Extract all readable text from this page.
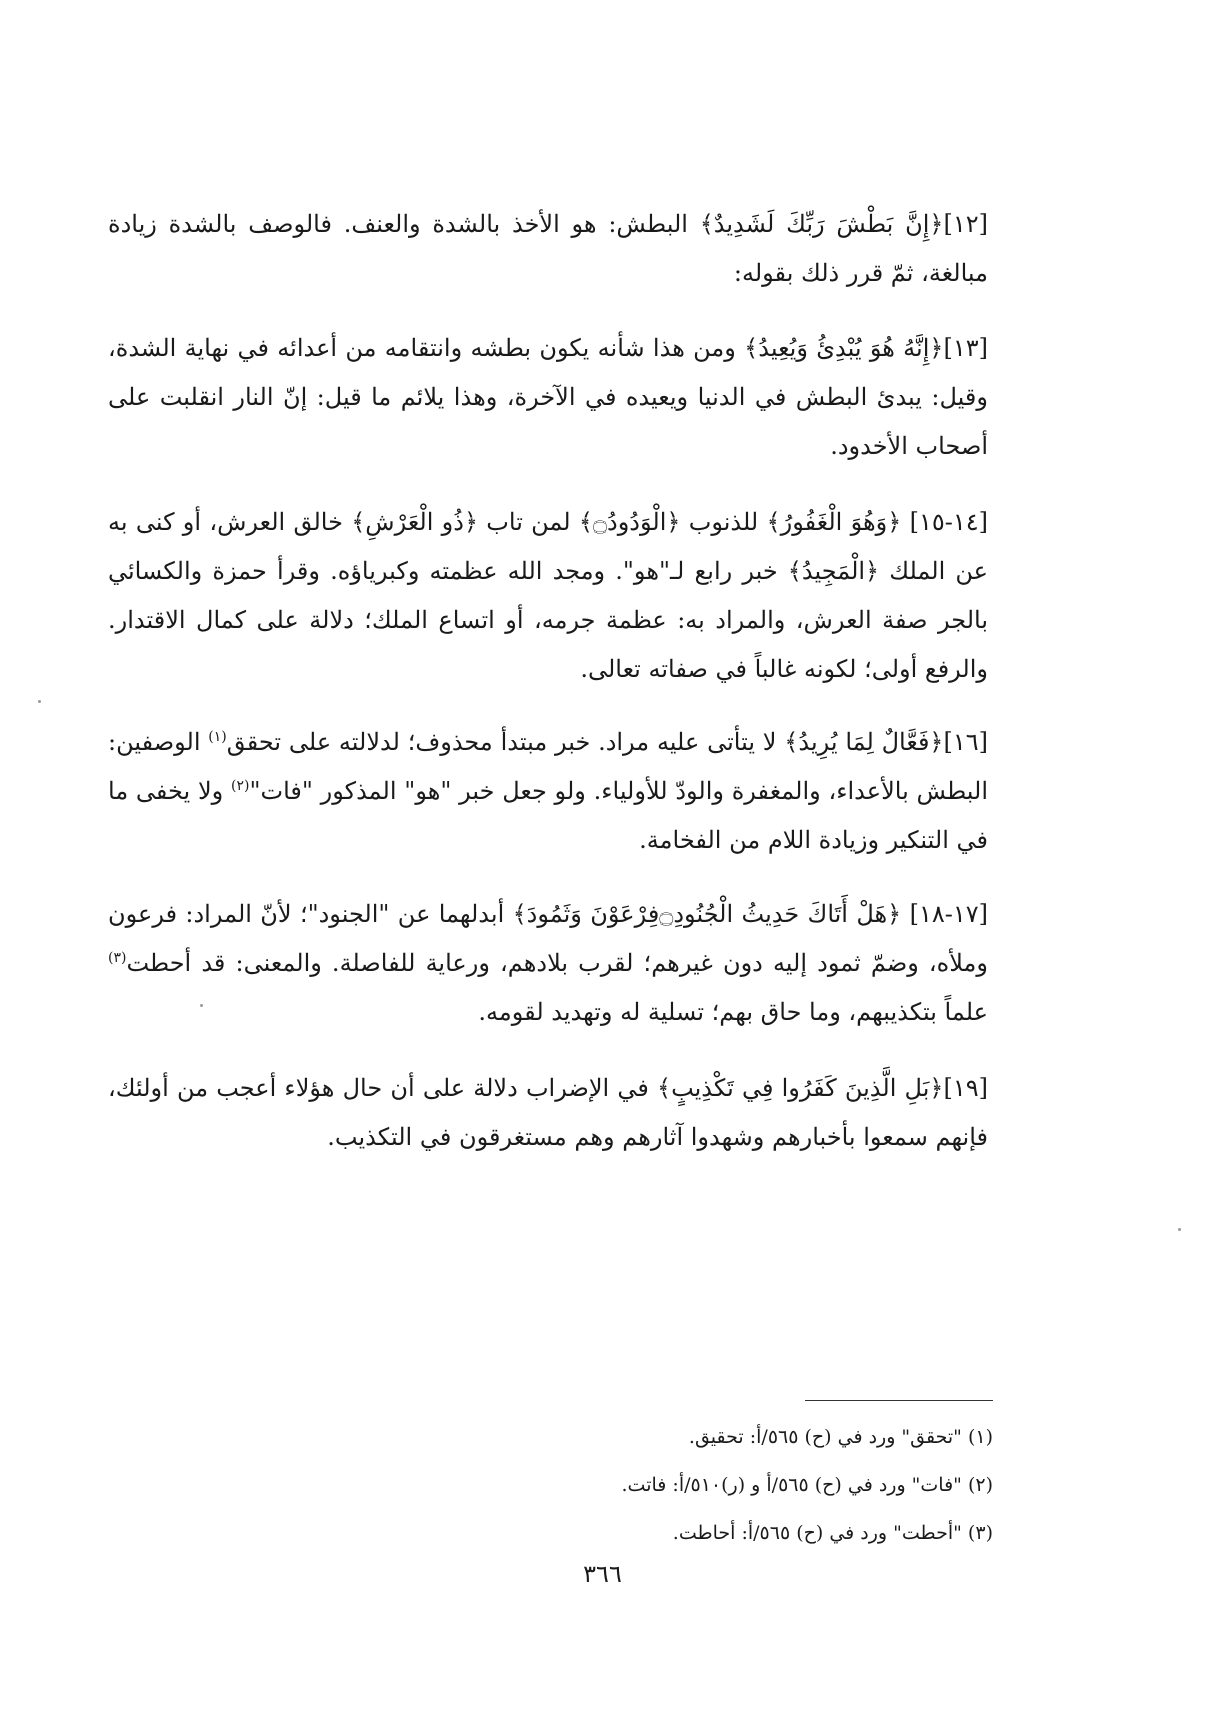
[١٢]﴿إِنَّ بَطْشَ رَبِّكَ لَشَدِيدٌ﴾ البطش: هو الأخذ بالشدة والعنف. فالوصف بالشدة زيادة مبالغة، ثمّ قرر ذلك بقوله:
[١٣]﴿إِنَّهُ هُوَ يُبْدِئُ وَيُعِيدُ﴾ ومن هذا شأنه يكون بطشه وانتقامه من أعدائه في نهاية الشدة، وقيل: يبدئ البطش في الدنيا ويعيده في الآخرة، وهذا يلائم ما قيل: إنّ النار انقلبت على أصحاب الأخدود.
[١٤-١٥] ﴿وَهُوَ الْغَفُورُ﴾ للذنوب ﴿الْوَدُودُ۝﴾ لمن تاب ﴿ذُو الْعَرْشِ﴾ خالق العرش، أو كنى به عن الملك ﴿الْمَجِيدُ﴾ خبر رابع لـ"هو". ومجد الله عظمته وكبرياؤه. وقرأ حمزة والكسائي بالجر صفة العرش، والمراد به: عظمة جرمه، أو اتساع الملك؛ دلالة على كمال الاقتدار. والرفع أولى؛ لكونه غالباً في صفاته تعالى.
[١٦]﴿فَعَّالٌ لِمَا يُرِيدُ﴾ لا يتأتى عليه مراد. خبر مبتدأ محذوف؛ لدلالته على تحقق$^{(١)}$ الوصفين: البطش بالأعداء، والمغفرة والودّ للأولياء. ولو جعل خبر "هو" المذكور "فات"$^{(٢)}$ ولا يخفى ما في التنكير وزيادة اللام من الفخامة.
[١٧-١٨] ﴿هَلْ أَتَاكَ حَدِيثُ الْجُنُودِ۝فِرْعَوْنَ وَثَمُودَ﴾ أبدلهما عن "الجنود"؛ لأنّ المراد: فرعون وملأه، وضمّ ثمود إليه دون غيرهم؛ لقرب بلادهم، ورعاية للفاصلة. والمعنى: قد أحطت$^{(٣)}$ علماً بتكذيبهم، وما حاق بهم؛ تسلية له وتهديد لقومه.
[١٩]﴿بَلِ الَّذِينَ كَفَرُوا فِي تَكْذِيبٍ﴾ في الإضراب دلالة على أن حال هؤلاء أعجب من أولئك، فإنهم سمعوا بأخبارهم وشهدوا آثارهم وهم مستغرقون في التكذيب.
(١) "تحقق" ورد في (ح) ٥٦٥/أ: تحقيق.
(٢) "فات" ورد في (ح) ٥٦٥/أ و (ر)٥١٠/أ: فاتت.
(٣) "أحطت" ورد في (ح) ٥٦٥/أ: أحاطت.
٣٦٦
